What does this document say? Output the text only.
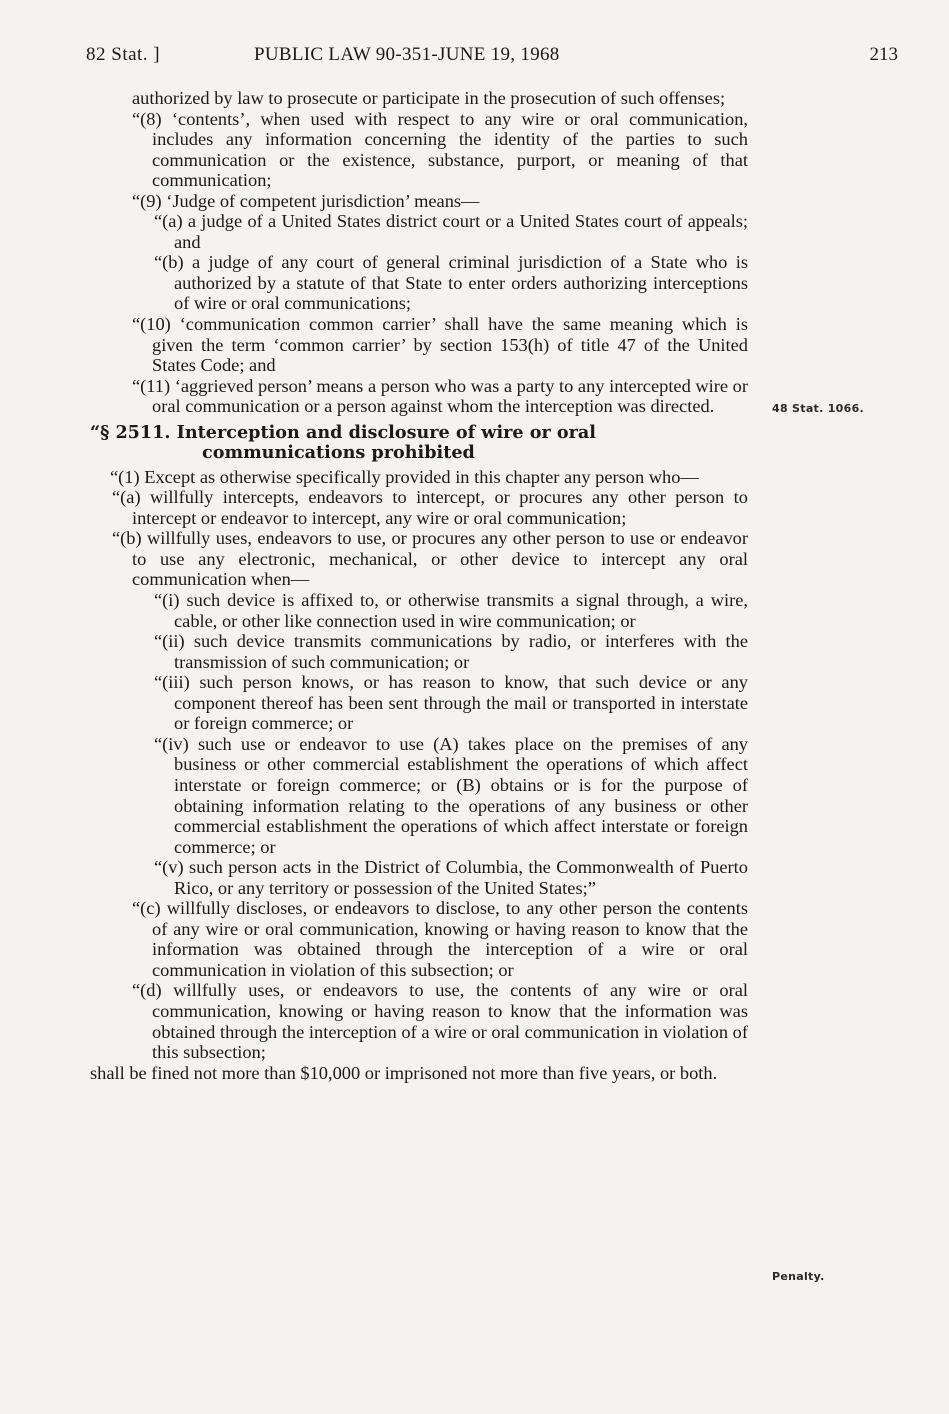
82 Stat. ]	PUBLIC LAW 90-351-JUNE 19, 1968	213

authorized by law to prosecute or participate in the prosecution of such offenses;

“(8) ‘contents’, when used with respect to any wire or oral communication, includes any information concerning the identity of the parties to such communication or the existence, substance, purport, or meaning of that communication;

“(9) ‘Judge of competent jurisdiction’ means—

“(a) a judge of a United States district court or a United States court of appeals; and

“(b) a judge of any court of general criminal jurisdiction of a State who is authorized by a statute of that State to enter orders authorizing interceptions of wire or oral communications;

“(10) ‘communication common carrier’ shall have the same meaning which is given the term ‘common carrier’ by section 153(h) of title 47 of the United States Code; and

“(11) ‘aggrieved person’ means a person who was a party to any intercepted wire or oral communication or a person against whom the interception was directed.

“§ 2511. Interception and disclosure of wire or oral communications prohibited

“(1) Except as otherwise specifically provided in this chapter any person who—

“(a) willfully intercepts, endeavors to intercept, or procures any other person to intercept or endeavor to intercept, any wire or oral communication;

“(b) willfully uses, endeavors to use, or procures any other person to use or endeavor to use any electronic, mechanical, or other device to intercept any oral communication when—

“(i) such device is affixed to, or otherwise transmits a signal through, a wire, cable, or other like connection used in wire communication; or

“(ii) such device transmits communications by radio, or interferes with the transmission of such communication; or

“(iii) such person knows, or has reason to know, that such device or any component thereof has been sent through the mail or transported in interstate or foreign commerce; or

“(iv) such use or endeavor to use (A) takes place on the premises of any business or other commercial establishment the operations of which affect interstate or foreign commerce; or (B) obtains or is for the purpose of obtaining information relating to the operations of any business or other commercial establishment the operations of which affect interstate or foreign commerce; or

“(v) such person acts in the District of Columbia, the Commonwealth of Puerto Rico, or any territory or possession of the United States;”

“(c) willfully discloses, or endeavors to disclose, to any other person the contents of any wire or oral communication, knowing or having reason to know that the information was obtained through the interception of a wire or oral communication in violation of this subsection; or

“(d) willfully uses, or endeavors to use, the contents of any wire or oral communication, knowing or having reason to know that the information was obtained through the interception of a wire or oral communication in violation of this subsection;

shall be fined not more than $10,000 or imprisoned not more than five years, or both.

48 Stat. 1066.
Penalty.
